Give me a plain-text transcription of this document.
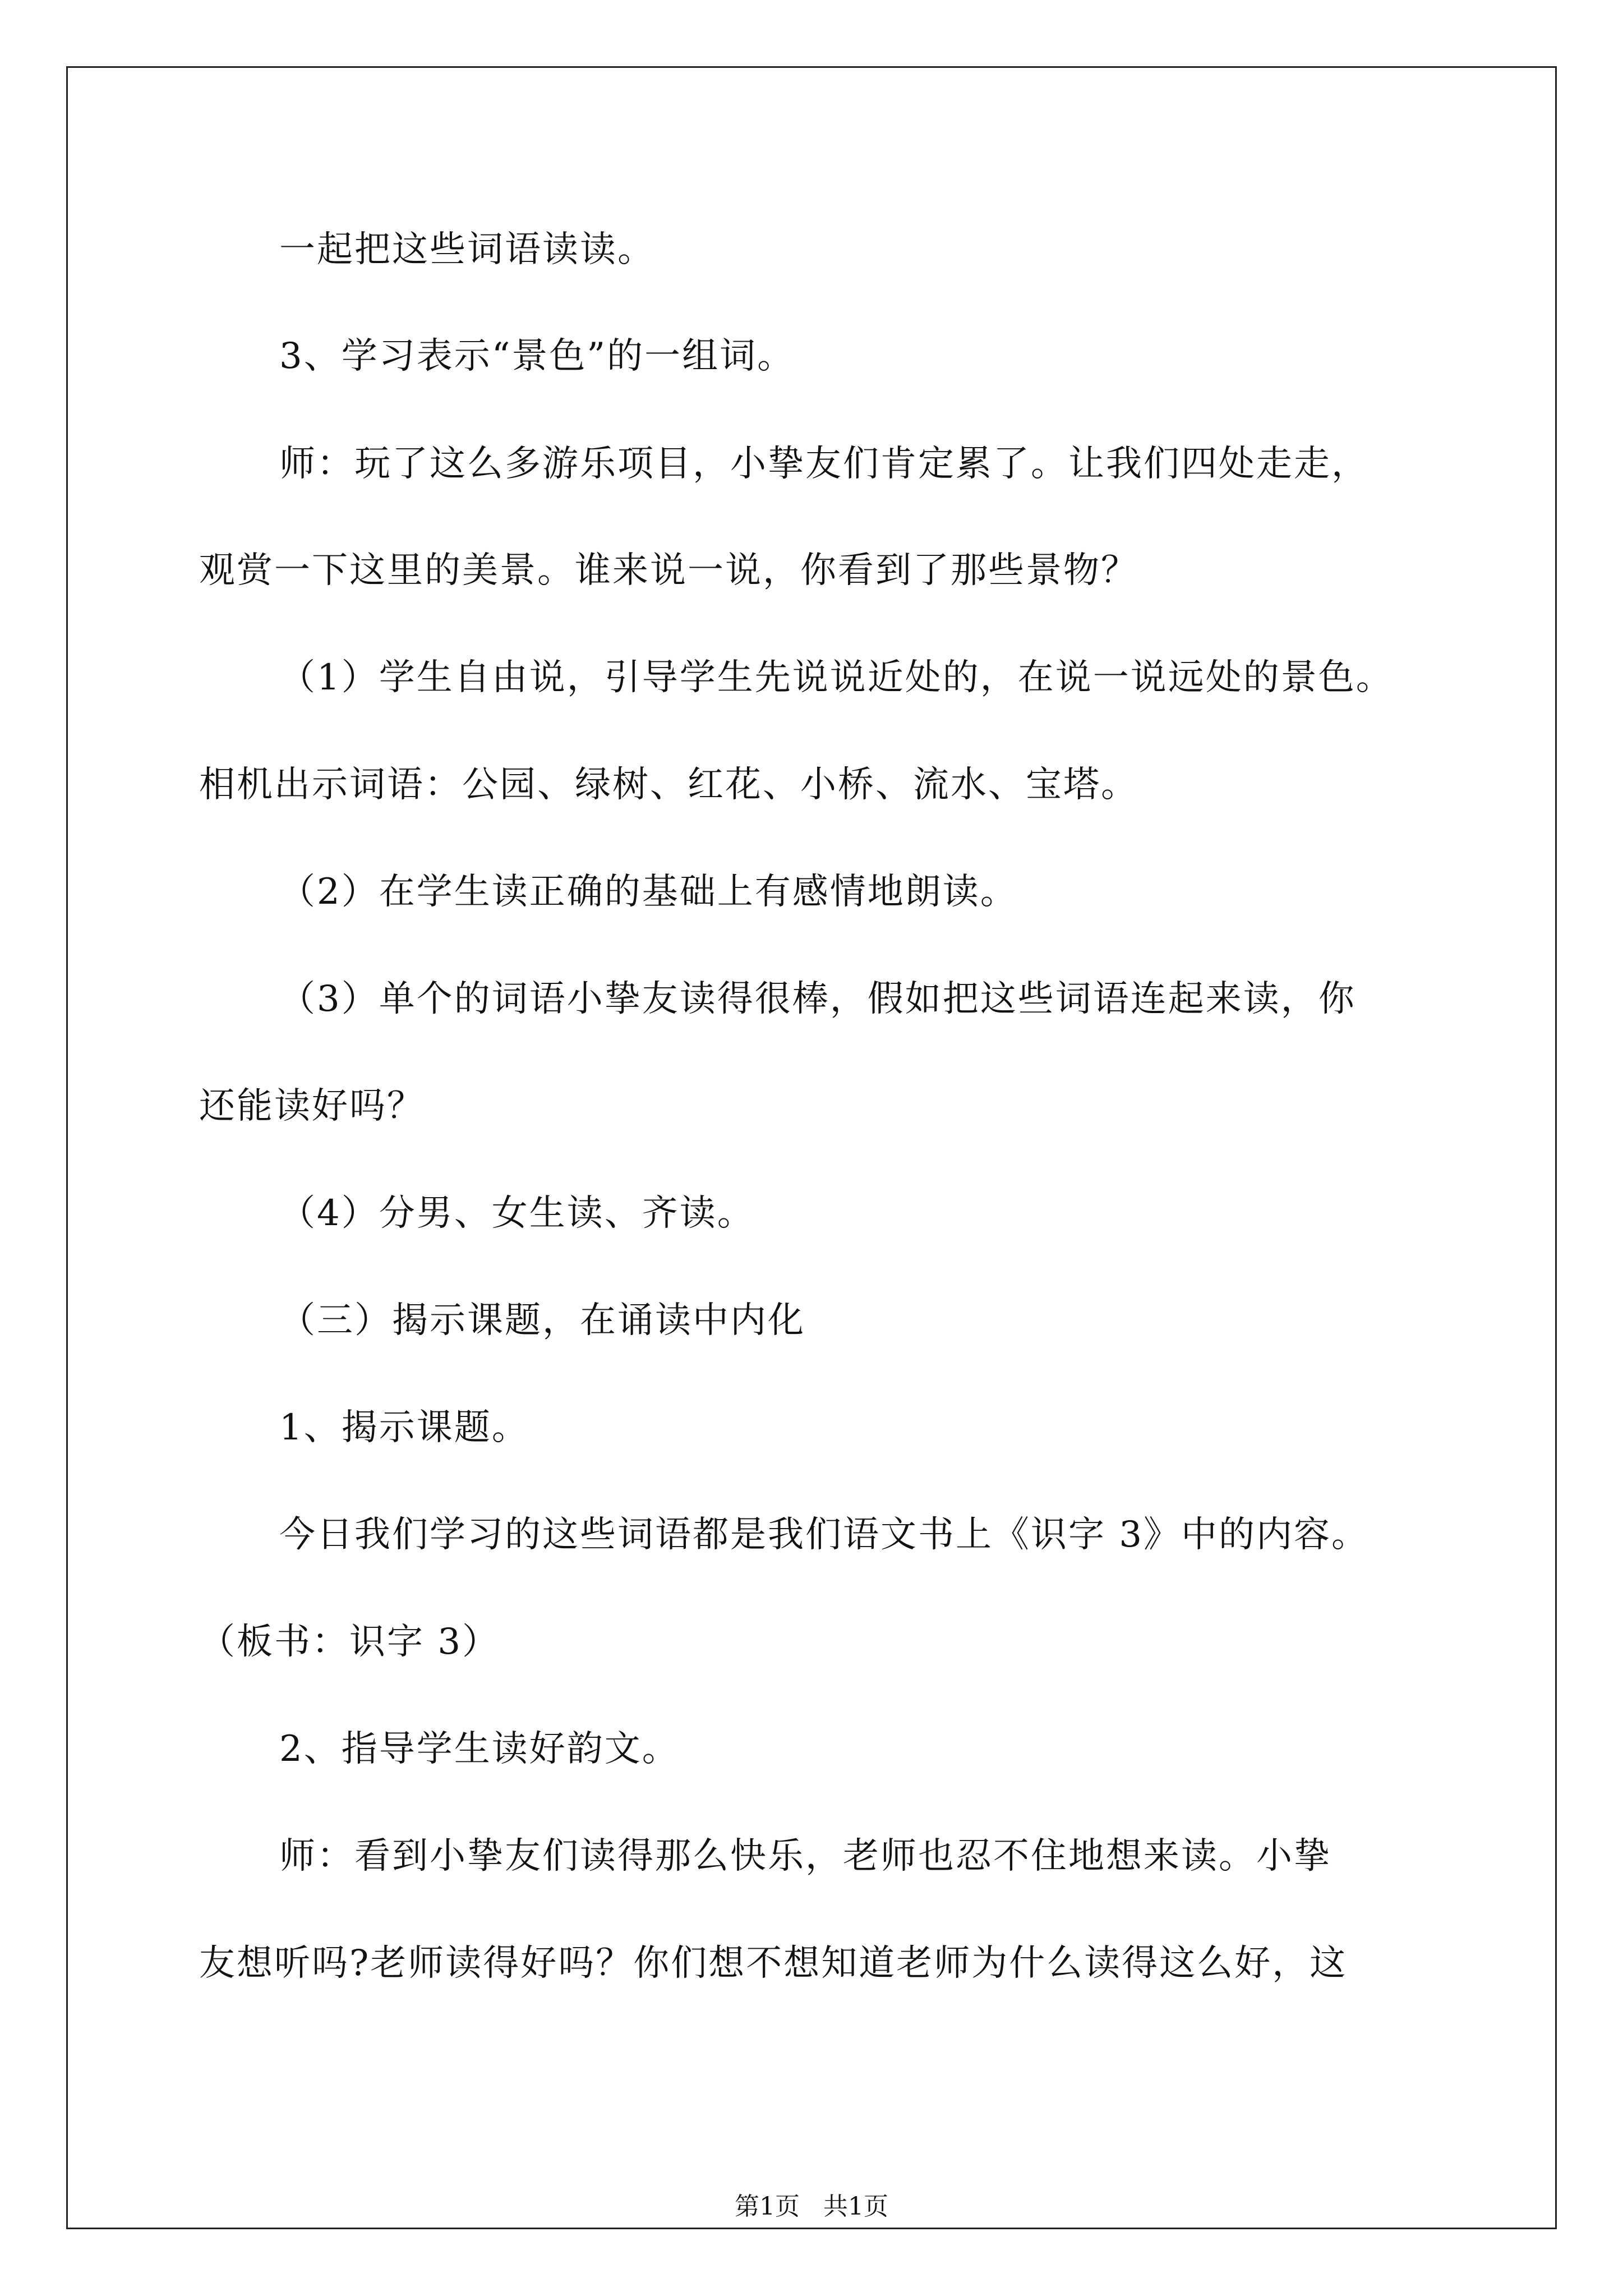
一起把这些词语读读。
3、学习表示“景色”的一组词。
师：玩了这么多游乐项目，小挚友们肯定累了。让我们四处走走，
观赏一下这里的美景。谁来说一说，你看到了那些景物？
（1）学生自由说，引导学生先说说近处的，在说一说远处的景色。
相机出示词语：公园、绿树、红花、小桥、流水、宝塔。
（2）在学生读正确的基础上有感情地朗读。
（3）单个的词语小挚友读得很棒，假如把这些词语连起来读，你
还能读好吗？
（4）分男、女生读、齐读。
（三）揭示课题，在诵读中内化
1、揭示课题。
今日我们学习的这些词语都是我们语文书上《识字 3》中的内容。
（板书：识字 3）
2、指导学生读好韵文。
师：看到小挚友们读得那么快乐，老师也忍不住地想来读。小挚
友想听吗?老师读得好吗？你们想不想知道老师为什么读得这么好，这
第1页 共1页
